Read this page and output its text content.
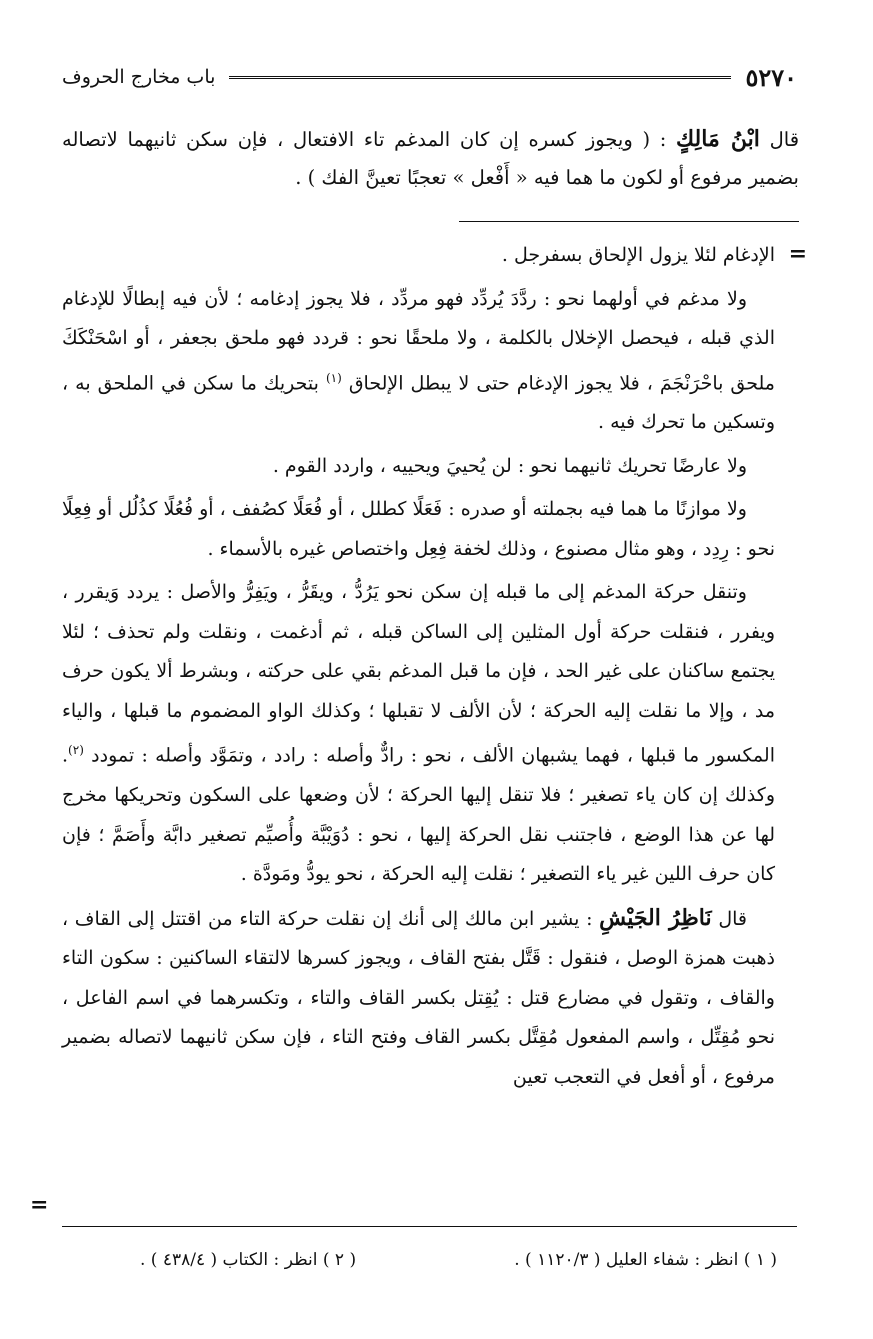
٥٢٧٠
باب مخارج الحروف
قال ابْنُ مَالِكٍ : ( ويجوز كسره إن كان المدغم تاء الافتعال ، فإن سكن ثانيهما لاتصاله بضمير مرفوع أو لكون ما هما فيه « أَفْعل » تعجبًا تعينَّ الفك ) .
=

الإدغام لئلا يزول الإلحاق بسفرجل .

ولا مدغم في أولهما نحو : ردَّدَ يُردِّد فهو مردِّد ، فلا يجوز إدغامه ؛ لأن فيه إبطالًا للإدغام الذي قبله ، فيحصل الإخلال بالكلمة ، ولا ملحقًا نحو : قردد فهو ملحق بجعفر ، أو اسْحَنْكَكَ ملحق باحْرَنْجَمَ ، فلا يجوز الإدغام حتى لا يبطل الإلحاق $^{(١)}$ بتحريك ما سكن في الملحق به ، وتسكين ما تحرك فيه .

ولا عارضًا تحريك ثانيهما نحو : لن يُحييَ ويحييه ، واردد القوم .

ولا موازنًا ما هما فيه بجملته أو صدره : فَعَلًا كطلل ، أو فُعَلًا كصُفف ، أو فُعُلًا كذُلُل أو فِعِلًا نحو : رِدِد ، وهو مثال مصنوع ، وذلك لخفة فِعِل واختصاص غيره بالأسماء .

وتنقل حركة المدغم إلى ما قبله إن سكن نحو يَرُدُّ ، ويقَرُّ ، ويَفِرُّ والأصل : يردد وَيقرر ، ويفرر ، فنقلت حركة أول المثلين إلى الساكن قبله ، ثم أدغمت ، ونقلت ولم تحذف ؛ لئلا يجتمع ساكنان على غير الحد ، فإن ما قبل المدغم بقي على حركته ، وبشرط ألا يكون حرف مد ، وإلا ما نقلت إليه الحركة ؛ لأن الألف لا تقبلها ؛ وكذلك الواو المضموم ما قبلها ، والياء المكسور ما قبلها ، فهما يشبهان الألف ، نحو : رادٌّ وأصله : رادد ، وتمَوَّد وأصله : تمودد $^{(٢)}$. وكذلك إن كان ياء تصغير ؛ فلا تنقل إليها الحركة ؛ لأن وضعها على السكون وتحريكها مخرج لها عن هذا الوضع ، فاجتنب نقل الحركة إليها ، نحو : دُوَيْبَّة وأُصيِّم تصغير دابَّة وأَصَمَّ ؛ فإن كان حرف اللين غير ياء التصغير ؛ نقلت إليه الحركة ، نحو يودُّ ومَودَّة .

قال نَاظِرُ الجَيْشِ : يشير ابن مالك إلى أنك إن نقلت حركة التاء من اقتتل إلى القاف ، ذهبت همزة الوصل ، فنقول : قَتَّل بفتح القاف ، ويجوز كسرها لالتقاء الساكنين : سكون التاء والقاف ، وتقول في مضارع قتل : يُقِتل بكسر القاف والتاء ، وتكسرهما في اسم الفاعل ، نحو مُقِتِّل ، واسم المفعول مُقِتَّل بكسر القاف وفتح التاء ، فإن سكن ثانيهما لاتصاله بضمير مرفوع ، أو أفعل في التعجب تعين

=
( ١ ) انظر : شفاء العليل ( ١١٢٠/٣ ) .
( ٢ ) انظر : الكتاب ( ٤٣٨/٤ ) .
